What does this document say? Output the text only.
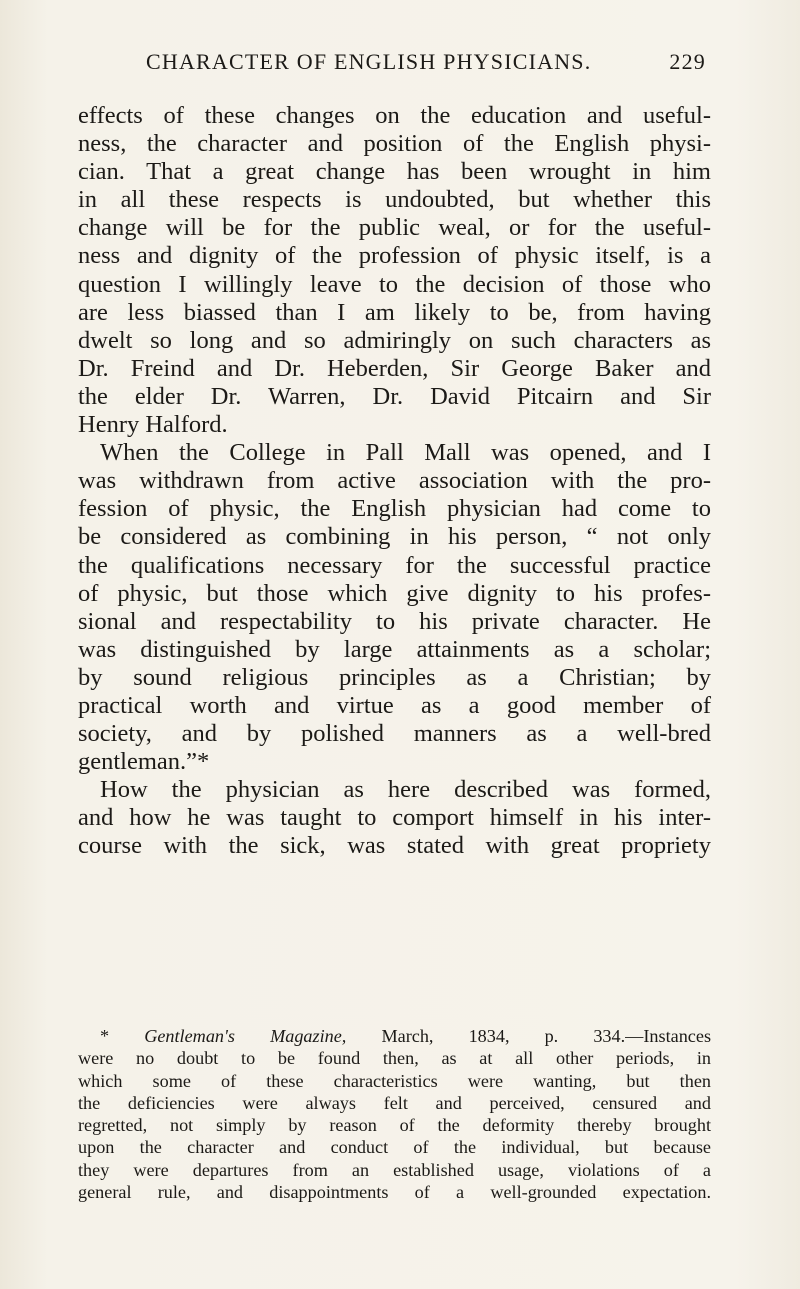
CHARACTER OF ENGLISH PHYSICIANS.	229
effects of these changes on the education and useful-
ness, the character and position of the English physi-
cian. That a great change has been wrought in him
in all these respects is undoubted, but whether this
change will be for the public weal, or for the useful-
ness and dignity of the profession of physic itself, is a
question I willingly leave to the decision of those who
are less biassed than I am likely to be, from having
dwelt so long and so admiringly on such characters as
Dr. Freind and Dr. Heberden, Sir George Baker and
the elder Dr. Warren, Dr. David Pitcairn and Sir
Henry Halford.
When the College in Pall Mall was opened, and I
was withdrawn from active association with the pro-
fession of physic, the English physician had come to
be considered as combining in his person, “ not only
the qualifications necessary for the successful practice
of physic, but those which give dignity to his profes-
sional and respectability to his private character. He
was distinguished by large attainments as a scholar;
by sound religious principles as a Christian; by
practical worth and virtue as a good member of
society, and by polished manners as a well-bred
gentleman.”*
How the physician as here described was formed,
and how he was taught to comport himself in his inter-
course with the sick, was stated with great propriety
* Gentleman's Magazine, March, 1834, p. 334.—Instances
were no doubt to be found then, as at all other periods, in
which some of these characteristics were wanting, but then
the deficiencies were always felt and perceived, censured and
regretted, not simply by reason of the deformity thereby brought
upon the character and conduct of the individual, but because
they were departures from an established usage, violations of a
general rule, and disappointments of a well-grounded expectation.
